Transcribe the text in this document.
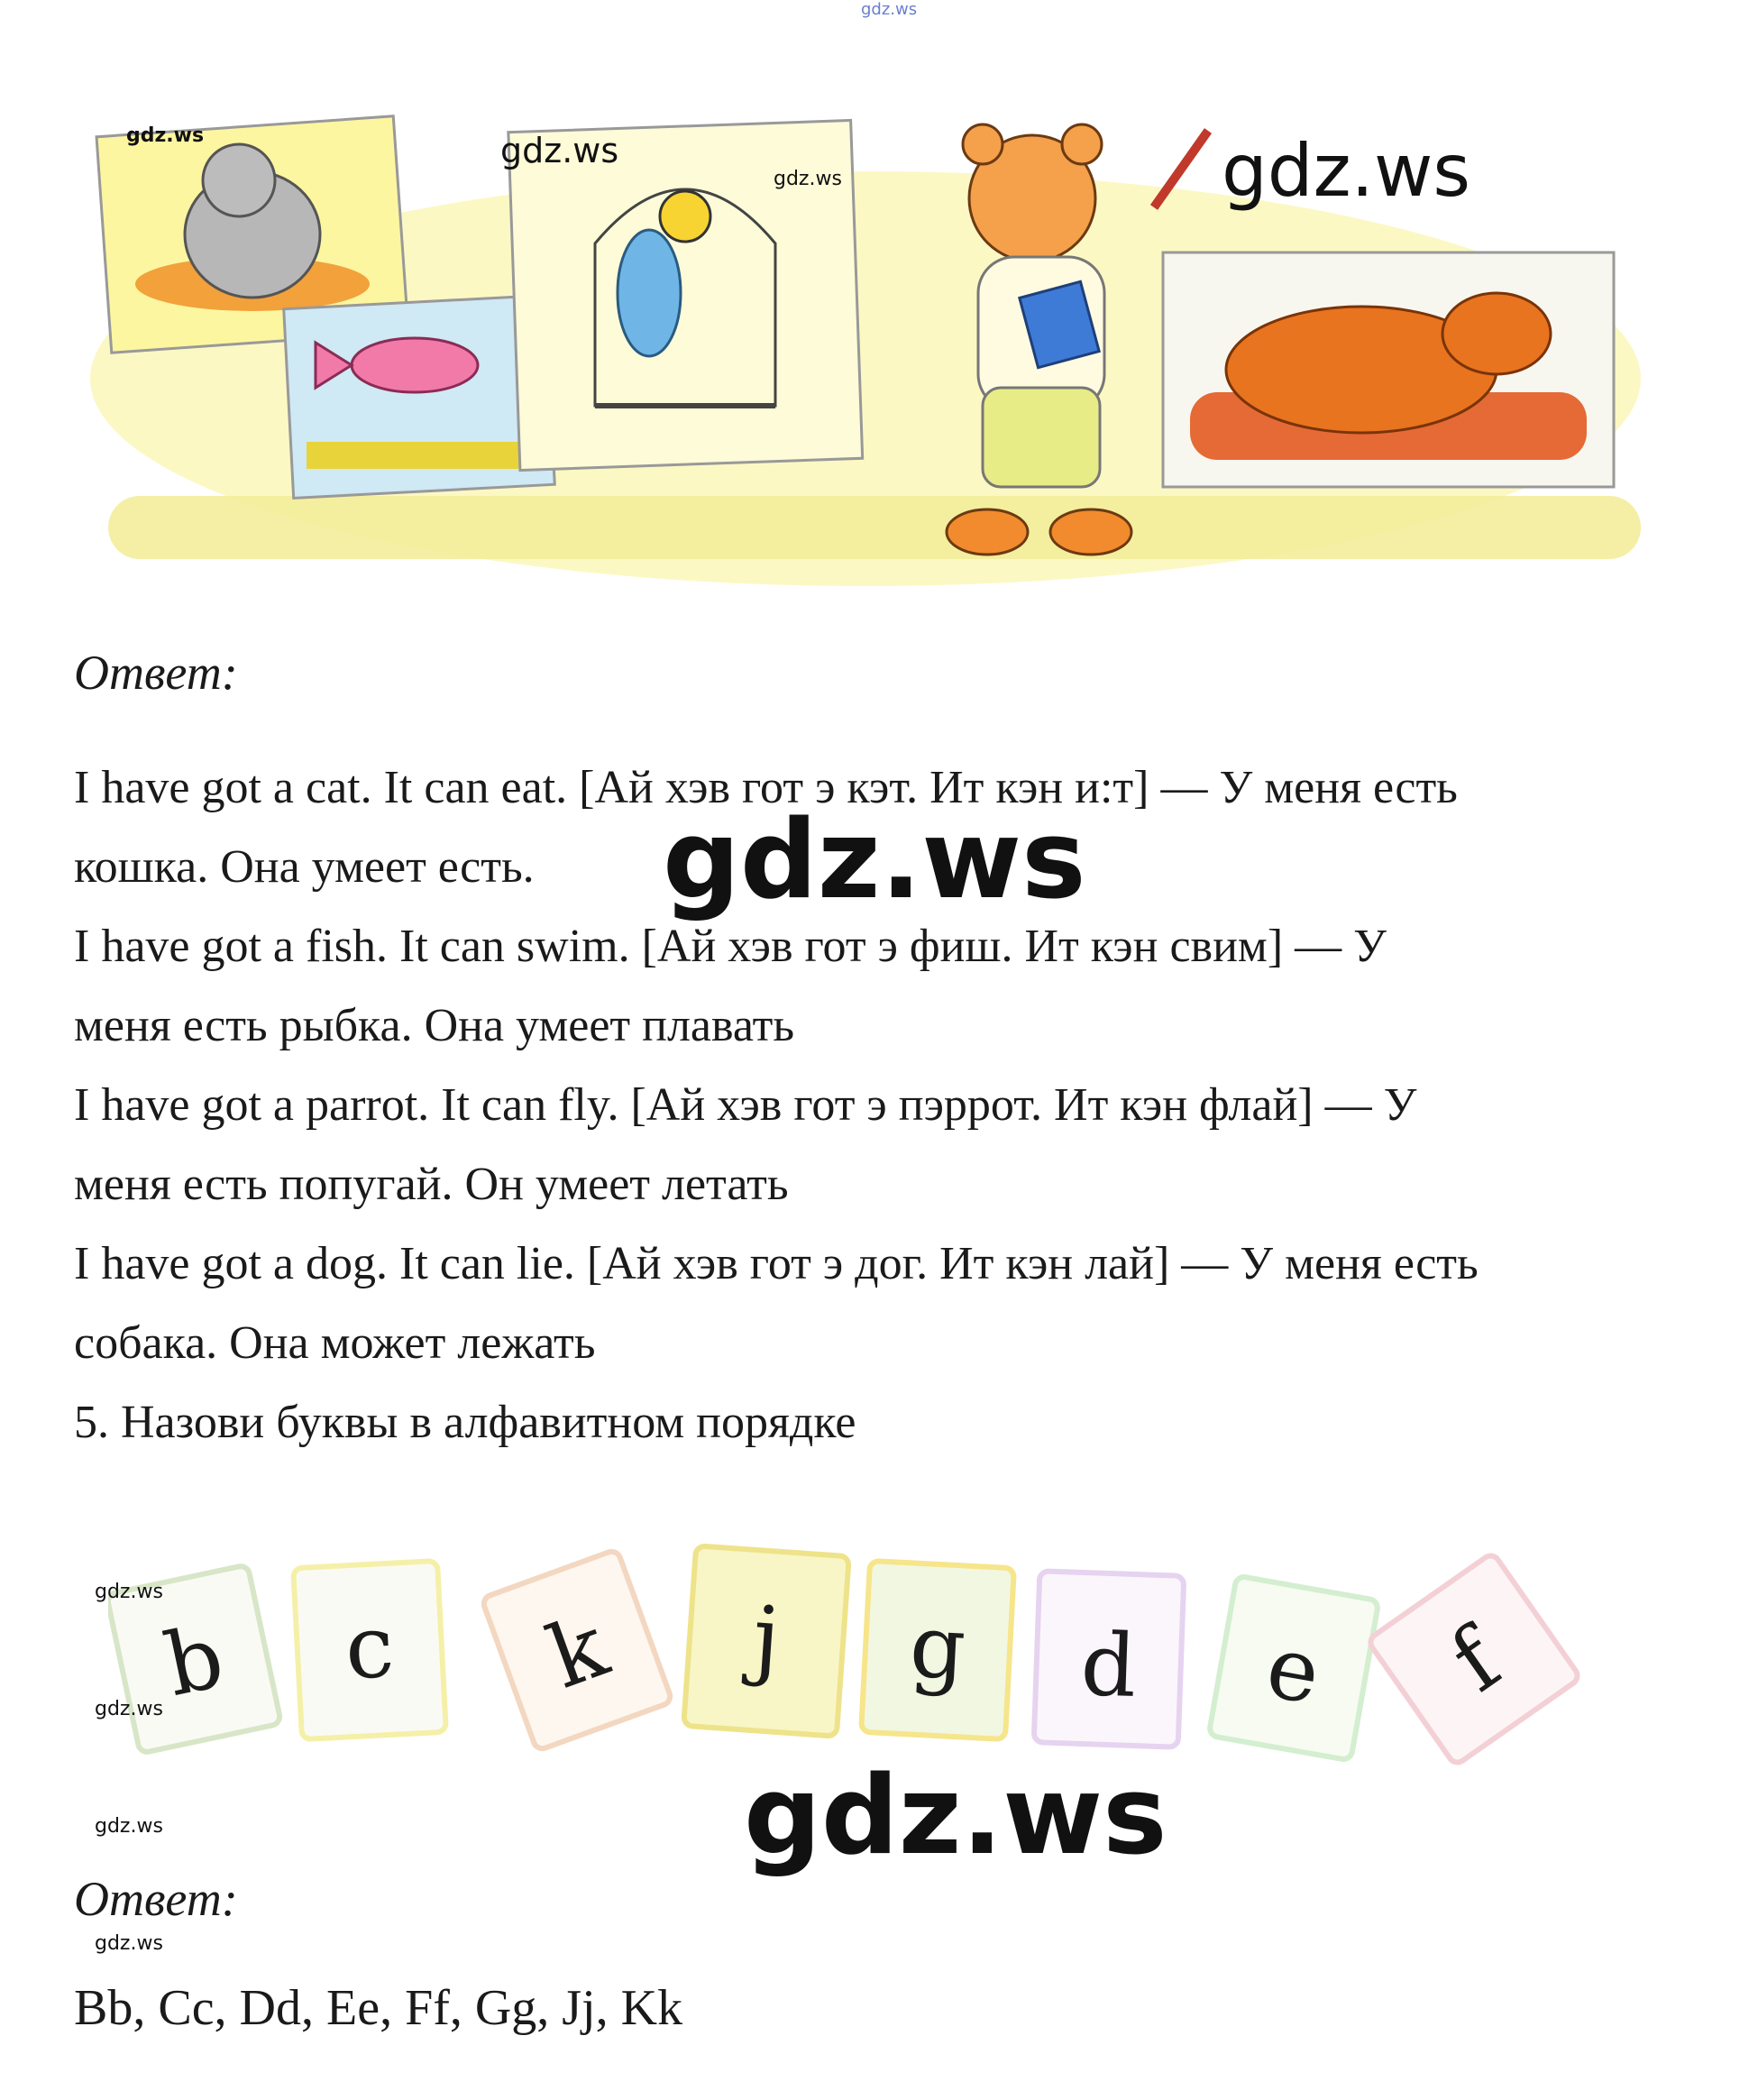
gdz.ws
gdz.ws	gdz.ws
gdz.ws	gdz.ws
Ответ:

I have got a cat. It can eat. [Ай хэв гот э кэт. Ит кэн и:т] — У меня есть

кошка. Она умеет есть.

I have got a fish. It can swim. [Ай хэв гот э фиш. Ит кэн свим] — У

меня есть рыбка. Она умеет плавать

I have got a parrot. It can fly. [Ай хэв гот э пэррот. Ит кэн флай] — У

меня есть попугай. Он умеет летать

I have got a dog. It can lie. [Ай хэв гот э дог. Ит кэн лай] — У меня есть

собака. Она может лежать

5. Назови буквы в алфавитном порядке

gdz.ws
b c k j g d e f
gdz.ws
gdz.ws
gdz.ws
gdz.ws
gdz.ws
Ответ:
Bb, Cc, Dd, Ee, Ff, Gg, Jj, Kk
